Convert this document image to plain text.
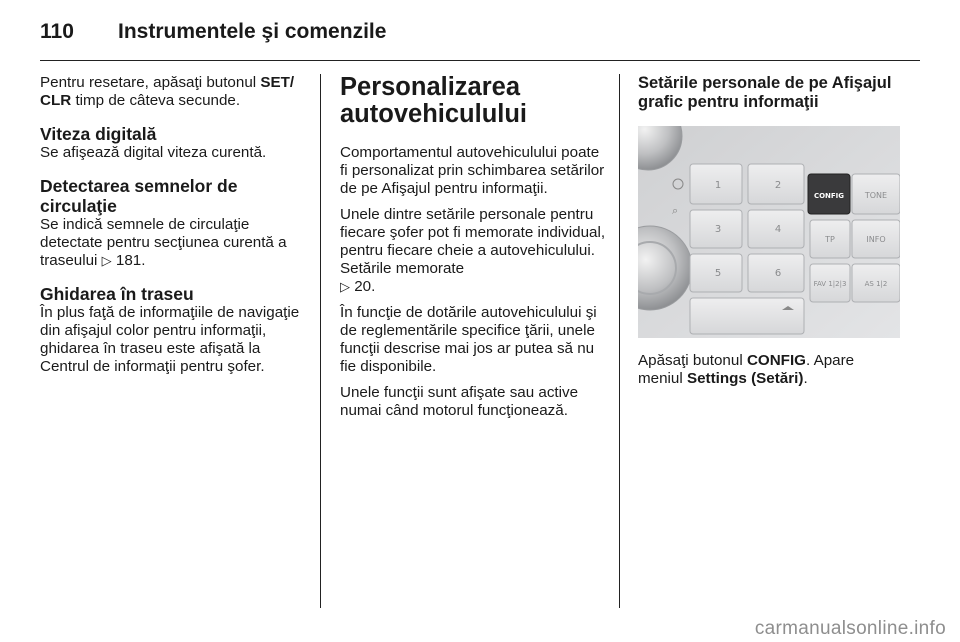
110 Instrumentele şi comenzile

Pentru resetare, apăsaţi butonul SET/ CLR timp de câteva secunde.

Viteza digitală

Se afişează digital viteza curentă.

Detectarea semnelor de circulaţie

Se indică semnele de circulaţie detectate pentru secţiunea curentă a traseului ▷ 181.

Ghidarea în traseu

În plus faţă de informaţiile de navigaţie din afişajul color pentru informaţii, ghidarea în traseu este afişată la Centrul de informaţii pentru şofer.

Personalizarea autovehiculului

Comportamentul autovehiculului poate fi personalizat prin schimbarea setărilor de pe Afişajul pentru informaţii.

Unele dintre setările personale pentru fiecare şofer pot fi memorate individual, pentru fiecare cheie a autovehiculului. Setările memorate
▷ 20.

În funcţie de dotările autovehiculului şi de reglementările specifice ţării, unele funcţii descrise mai jos ar putea să nu fie disponibile.

Unele funcţii sunt afişate sau active numai când motorul funcţionează.

Setările personale de pe Afişajul grafic pentru informaţii
⌕
1	2
3	4
5	6
TONE
TP	INFO
FAV 1|2|3	AS 1|2
CONFIG

Apăsaţi butonul CONFIG. Apare meniul Settings (Setări).

carmanualsonline.info
